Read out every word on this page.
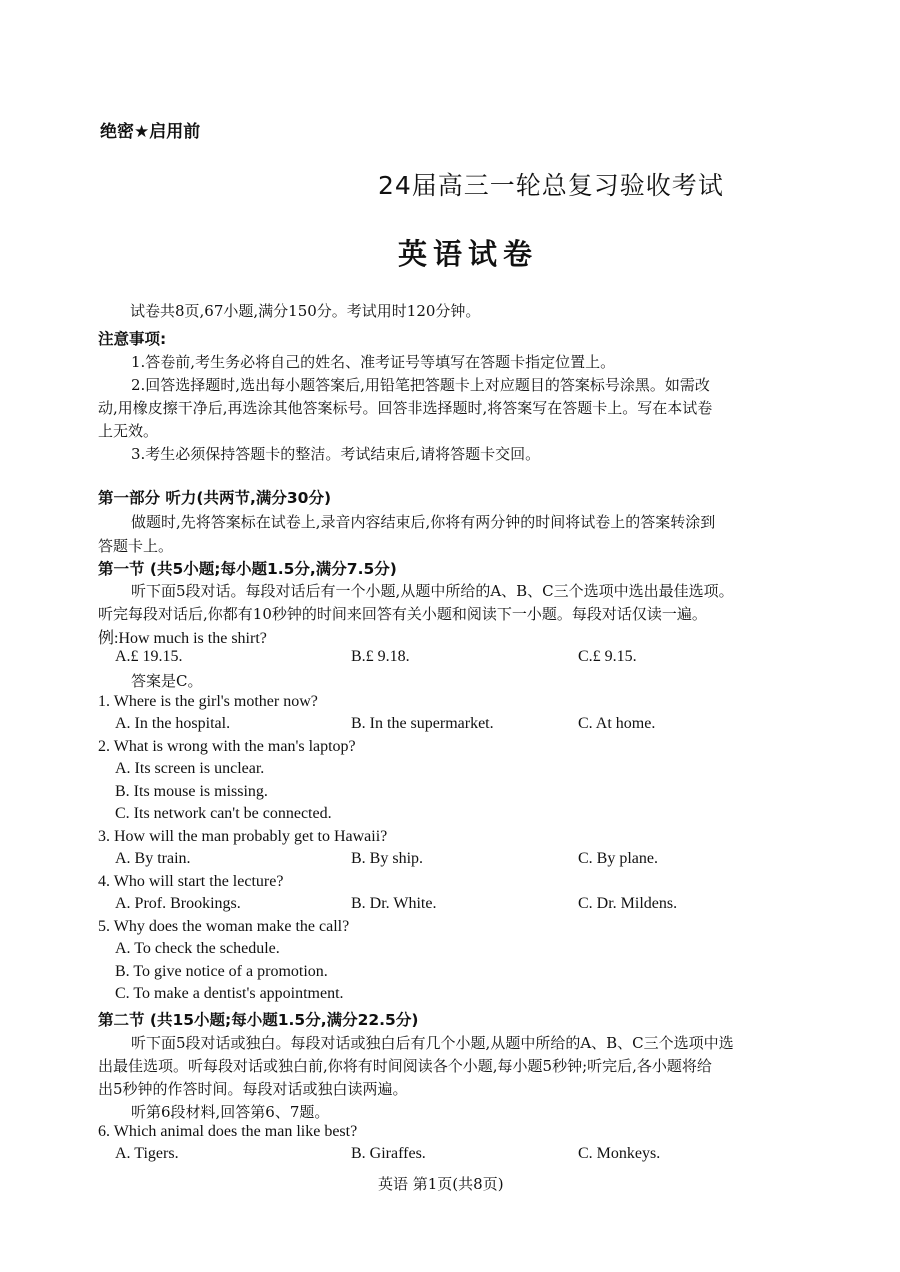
绝密★启用前
24届高三一轮总复习验收考试
英语试卷
试卷共8页,67小题,满分150分。考试用时120分钟。
注意事项:
1.答卷前,考生务必将自己的姓名、准考证号等填写在答题卡指定位置上。
2.回答选择题时,选出每小题答案后,用铅笔把答题卡上对应题目的答案标号涂黑。如需改
动,用橡皮擦干净后,再选涂其他答案标号。回答非选择题时,将答案写在答题卡上。写在本试卷
上无效。
3.考生必须保持答题卡的整洁。考试结束后,请将答题卡交回。
第一部分 听力(共两节,满分30分)
做题时,先将答案标在试卷上,录音内容结束后,你将有两分钟的时间将试卷上的答案转涂到
答题卡上。
第一节 (共5小题;每小题1.5分,满分7.5分)
听下面5段对话。每段对话后有一个小题,从题中所给的A、B、C三个选项中选出最佳选项。
听完每段对话后,你都有10秒钟的时间来回答有关小题和阅读下一小题。每段对话仅读一遍。
例:How much is the shirt?
A.£ 19.15.	B.£ 9.18.	C.£ 9.15.
答案是C。
1. Where is the girl's mother now?
A. In the hospital.	B. In the supermarket.	C. At home.
2. What is wrong with the man's laptop?
A. Its screen is unclear.
B. Its mouse is missing.
C. Its network can't be connected.
3. How will the man probably get to Hawaii?
A. By train.	B. By ship.	C. By plane.
4. Who will start the lecture?
A. Prof. Brookings.	B. Dr. White.	C. Dr. Mildens.
5. Why does the woman make the call?
A. To check the schedule.
B. To give notice of a promotion.
C. To make a dentist's appointment.
第二节 (共15小题;每小题1.5分,满分22.5分)
听下面5段对话或独白。每段对话或独白后有几个小题,从题中所给的A、B、C三个选项中选
出最佳选项。听每段对话或独白前,你将有时间阅读各个小题,每小题5秒钟;听完后,各小题将给
出5秒钟的作答时间。每段对话或独白读两遍。
听第6段材料,回答第6、7题。
6. Which animal does the man like best?
A. Tigers.	B. Giraffes.	C. Monkeys.
英语 第1页(共8页)
